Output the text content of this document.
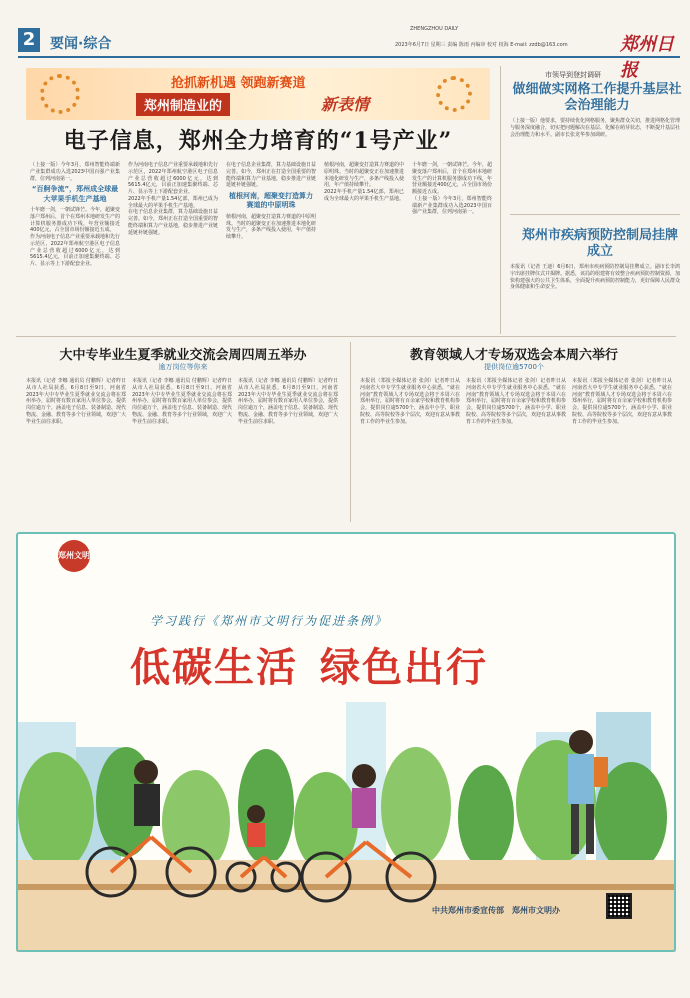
2	要闻·综合
ZHENGZHOU DAILY
2023年6月7日 星期三 责编 陈雨 丙编审 校对 权海 E-mail: zzdb@163.com	郑州日报
抢抓新机遇 领跑新赛道
郑州制造业的	新表情
电子信息，郑州全力培育的“1号产业”

（上接一版）今年3月，郑州智能终端新产业集群成功入选2023中国百强产业集群，位列河南第一。

“百舸争流”，郑州成全球最大苹果手机生产基地

十年磨一剑，一朝试锋芒。今年，超聚变落户郑州后，首个在郑州本地研发生产的计算机服务器成功下线，年营业额接近400亿元，占全国市场份额接近五成。

作为河南电子信息产业重要承载地和先行示范区，2022年郑州航空港区电子信息产业总营收超过6000亿元，达到5615.4亿元，目前正加速集聚终端、芯片、显示等上下游配套企业。

作为河南电子信息产业重要承载地和先行示范区，2022年郑州航空港区电子信息产业总营收超过6000亿元，达到5615.4亿元，目前正加速集聚终端、芯片、显示等上下游配套企业。

2022年手机产量1.54亿部，郑州已成为全球最大的苹果手机生产基地。

在电子信息企业集群，算力基础设施日益完善。如今，郑州正在打造全国重要的智能终端和算力产业基地，稳步推进产业链延链补链强链。

在电子信息企业集群，算力基础设施日益完善。如今，郑州正在打造全国重要的智能终端和算力产业基地，稳步推进产业链延链补链强链。

植根河南，超聚变打造算力赛道的中原明珠

植根河南，超聚变打造算力赛道的中原明珠。当时的超聚变正在加速推进本地化研发与生产，多条产线投入使用，年产值持续攀升。

植根河南，超聚变打造算力赛道的中原明珠。当时的超聚变正在加速推进本地化研发与生产，多条产线投入使用，年产值持续攀升。

2022年手机产量1.54亿部，郑州已成为全球最大的苹果手机生产基地。

十年磨一剑，一朝试锋芒。今年，超聚变落户郑州后，首个在郑州本地研发生产的计算机服务器成功下线，年营业额接近400亿元，占全国市场份额接近五成。

（上接一版）今年3月，郑州智能终端新产业集群成功入选2023中国百强产业集群，位列河南第一。

市领导到登封调研
做细做实网格工作提升基层社会治理能力
（上接一版）他要求，要持续优化网格服务，聚焦群众关切，推进网格化管理与服务深度融合，切实把问题解决在基层、化解在萌芽状态，不断提升基层社会治理能力和水平。副市长张龙华参加调研。
郑州市疾病预防控制局挂牌成立
本报讯（记者 王迪）6月6日，郑州市疾病预防控制局挂牌成立。副市长李鸿宇出席挂牌仪式并揭牌。据悉，该局的组建将有效整合疾病预防控制资源，加快构建强大的公共卫生体系，全面提升疾病预防控制能力，更好保障人民群众身体健康和生命安全。
大中专毕业生夏季就业交流会周四周五举办
逾万岗位等你来
本报讯（记者 李娜 通讯员 付鹏辉）记者昨日从市人社局获悉，6月8日至9日，河南省2023年大中专毕业生夏季就业交流会将在郑州举办，届时将有数百家用人单位参会，提供岗位逾万个，涵盖电子信息、装备制造、现代物流、金融、教育等多个行业领域，欢迎广大毕业生前往求职。
本报讯（记者 李娜 通讯员 付鹏辉）记者昨日从市人社局获悉，6月8日至9日，河南省2023年大中专毕业生夏季就业交流会将在郑州举办，届时将有数百家用人单位参会，提供岗位逾万个，涵盖电子信息、装备制造、现代物流、金融、教育等多个行业领域，欢迎广大毕业生前往求职。
本报讯（记者 李娜 通讯员 付鹏辉）记者昨日从市人社局获悉，6月8日至9日，河南省2023年大中专毕业生夏季就业交流会将在郑州举办，届时将有数百家用人单位参会，提供岗位逾万个，涵盖电子信息、装备制造、现代物流、金融、教育等多个行业领域，欢迎广大毕业生前往求职。
教育领域人才专场双选会本周六举行
提供岗位逾5700个
本报讯（郑报全媒体记者 张剑）记者昨日从河南省大中专学生就业服务中心获悉，“就在河南”教育领域人才专场双选会将于本周六在郑州举行，届时将有百余家学校和教育机构参会，提供岗位逾5700个，涵盖中小学、职业院校、高等院校等多个层次，欢迎有意从事教育工作的毕业生参加。
本报讯（郑报全媒体记者 张剑）记者昨日从河南省大中专学生就业服务中心获悉，“就在河南”教育领域人才专场双选会将于本周六在郑州举行，届时将有百余家学校和教育机构参会，提供岗位逾5700个，涵盖中小学、职业院校、高等院校等多个层次，欢迎有意从事教育工作的毕业生参加。
本报讯（郑报全媒体记者 张剑）记者昨日从河南省大中专学生就业服务中心获悉，“就在河南”教育领域人才专场双选会将于本周六在郑州举行，届时将有百余家学校和教育机构参会，提供岗位逾5700个，涵盖中小学、职业院校、高等院校等多个层次，欢迎有意从事教育工作的毕业生参加。
郑州文明
学习践行《郑州市文明行为促进条例》
低碳生活 绿色出行
中共郑州市委宣传部　郑州市文明办
